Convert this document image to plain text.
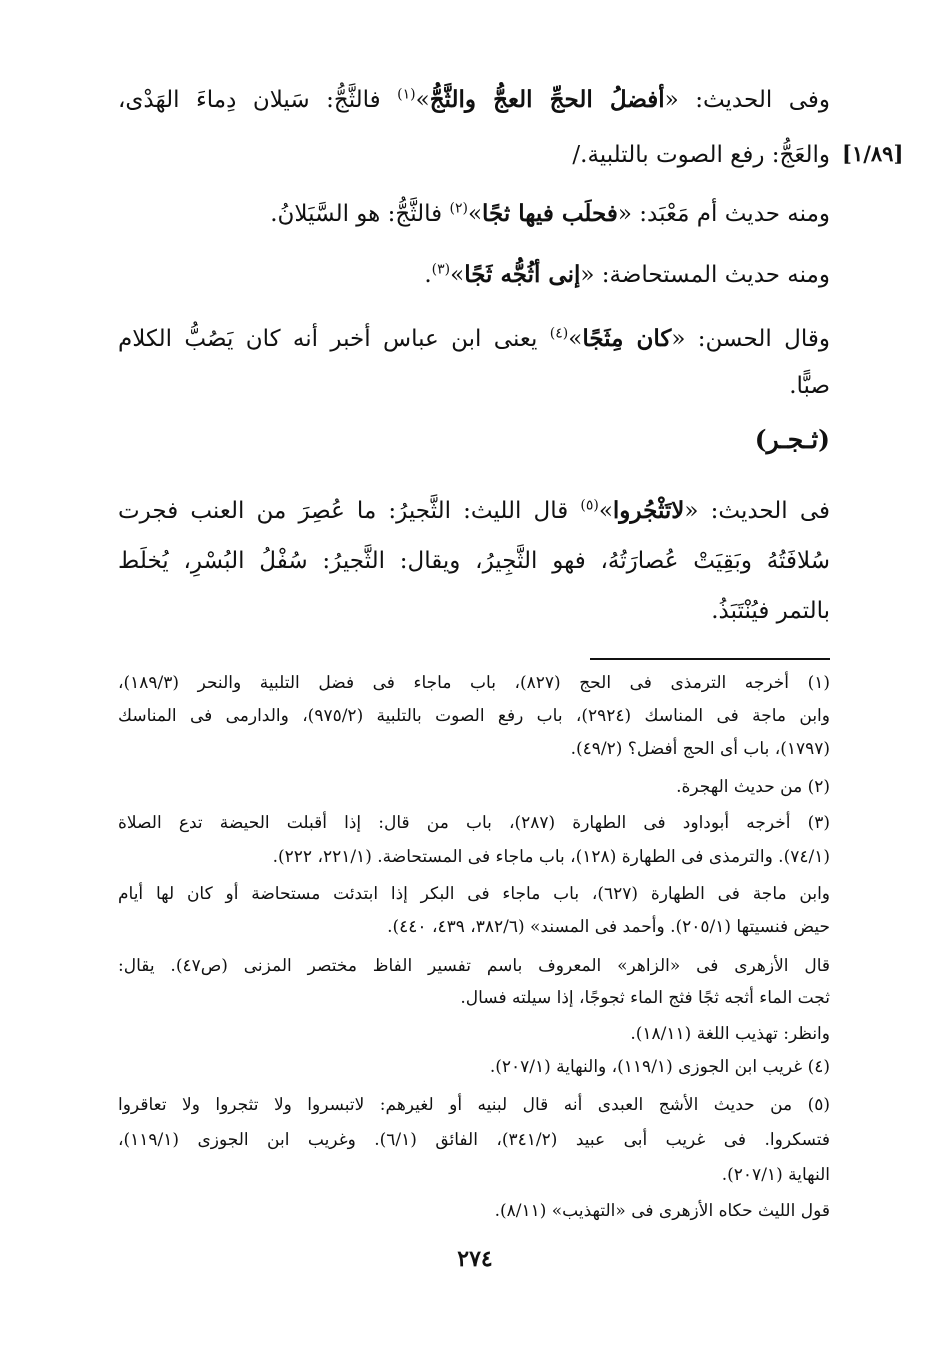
[١/٨٩]
وفى الحديث: «أفضلُ الحجِّ العجُّ والثَّجُّ»$^{(١)}$ فالثَّجُّ: سَيلان دِماءَ الهَدْى،
والعَجُّ: رفع الصوت بالتلبية./
ومنه حديث أم مَعْبَد: «فحلَب فيها ثجًا»$^{(٢)}$ فالثَّجُّ: هو السَّيَلانُ.
ومنه حديث المستحاضة: «إنى أثُجُّه ثَجًا»$^{(٣)}$.
وقال الحسن: «كان مِثَجًا»$^{(٤)}$ يعنى ابن عباس أخبر أنه كان يَصُبُّ الكلام
صبًّا.
(ثـجـر)
فى الحديث: «لاتَثْجُروا»$^{(٥)}$ قال الليث: الثَّجيرُ: ما عُصِرَ من العنب فجرت
سُلافَتُهُ وبَقِيَتْ عُصارَتُهُ، فهو الثَّجِيرُ، ويقال: الثَّجيرُ: سُفْلُ البُسْرِ، يُخلَط
بالتمر فيُنْتَبَذُ.
(١) أخرجه الترمذى فى الحج (٨٢٧)، باب ماجاء فى فضل التلبية والنحر (١٨٩/٣)،
وابن ماجة فى المناسك (٢٩٢٤)، باب رفع الصوت بالتلبية (٩٧٥/٢)، والدارمى فى المناسك
(١٧٩٧)، باب أى الحج أفضل؟ (٤٩/٢).
(٢) من حديث الهجرة.
(٣) أخرجه أبوداود فى الطهارة (٢٨٧)، باب من قال: إذا أقبلت الحيضة تدع الصلاة
(٧٤/١). والترمذى فى الطهارة (١٢٨)، باب ماجاء فى المستحاضة. (٢٢١/١، ٢٢٢).
وابن ماجة فى الطهارة (٦٢٧)، باب ماجاء فى البكر إذا ابتدئت مستحاضة أو كان لها أيام
حيض فنسيتها (٢٠٥/١). وأحمد فى المسند» (٣٨٢/٦، ٤٣٩، ٤٤٠).
قال الأزهرى فى «الزاهر» المعروف باسم تفسير الفاظ مختصر المزنى (ص٤٧). يقال:
ثجت الماء أثجه ثجًا فثج الماء ثجوجًا، إذا سيلته فسال.
وانظر: تهذيب اللغة (١٨/١١).
(٤) غريب ابن الجوزى (١١٩/١)، والنهاية (٢٠٧/١).
(٥) من حديث الأشج العبدى أنه قال لبنيه أو لغيرهم: لاتبسروا ولا تثجروا ولا تعاقروا
فتسكروا. فى غريب أبى عبيد (٣٤١/٢)، الفائق (٦/١). وغريب ابن الجوزى (١١٩/١)،
النهاية (٢٠٧/١).
قول الليث حكاه الأزهرى فى «التهذيب» (٨/١١).
٢٧٤
